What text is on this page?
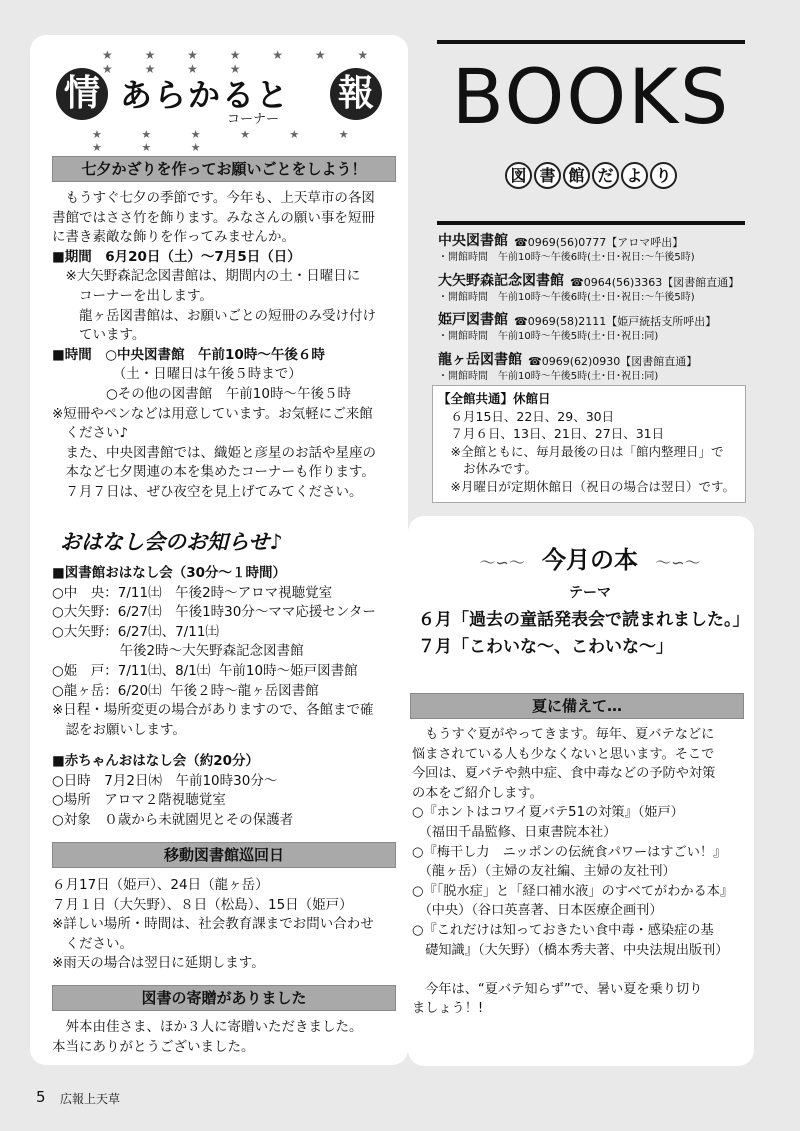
★ ★ ★ ★ ★ ★ ★ ★ ★ ★ ★
情 あらかると
コーナー
報
★ ★ ★ ★ ★ ★ ★ ★ ★
七夕かざりを作ってお願いごとをしよう！
　もうすぐ七夕の季節です。今年も、上天草市の各図
書館ではささ竹を飾ります。みなさんの願い事を短冊
に書き素敵な飾りを作ってみませんか。
■期間　6月20日（土）～7月5日（日）
　※大矢野森記念図書館は、期間内の土・日曜日に
　　コーナーを出します。
　　龍ヶ岳図書館は、お願いごとの短冊のみ受け付け
　　ています。
■時間　○中央図書館　午前10時～午後６時
　　　　　（土・日曜日は午後５時まで）
　　　　○その他の図書館　午前10時～午後５時
※短冊やペンなどは用意しています。お気軽にご来館
　ください♪
　また、中央図書館では、織姫と彦星のお話や星座の
　本など七夕関連の本を集めたコーナーも作ります。
　７月７日は、ぜひ夜空を見上げてみてください。
おはなし会のお知らせ♪
■図書館おはなし会（30分～１時間）
○中　央：7/11㈯　午後2時～アロマ視聴覚室
○大矢野：6/27㈯　午後1時30分～ママ応援センター
○大矢野：6/27㈯、7/11㈯
　　　　　午後2時～大矢野森記念図書館
○姫　戸：7/11㈯、8/1㈯  午前10時～姫戸図書館
○龍ヶ岳：6/20㈯  午後２時～龍ヶ岳図書館
※日程・場所変更の場合がありますので、各館まで確
　認をお願いします。
■赤ちゃんおはなし会（約20分）
○日時　7月2日㈭　午前10時30分～
○場所　アロマ２階視聴覚室
○対象　０歳から未就園児とその保護者
移動図書館巡回日
６月17日（姫戸）、24日（龍ヶ岳）
７月１日（大矢野）、８日（松島）、15日（姫戸）
※詳しい場所・時間は、社会教育課までお問い合わせ
　ください。
※雨天の場合は翌日に延期します。
図書の寄贈がありました
　舛本由佳さま、ほか３人に寄贈いただきました。
本当にありがとうございました。
BOOKS
図 書 館 だ よ り
中央図書館 ☎0969(56)0777【アロマ呼出】
・開館時間　午前10時～午後6時(土･日･祝日:～午後5時)
大矢野森記念図書館 ☎0964(56)3363【図書館直通】
・開館時間　午前10時～午後6時(土･日･祝日:～午後5時)
姫戸図書館 ☎0969(58)2111【姫戸統括支所呼出】
・開館時間　午前10時～午後5時(土･日･祝日:同)
龍ヶ岳図書館 ☎0969(62)0930【図書館直通】
・開館時間　午前10時～午後5時(土･日･祝日:同)
【全館共通】休館日
　６月15日、22日、29、30日
　７月６日、13日、21日、27日、31日
　※全館ともに、毎月最後の日は「館内整理日」で
　　お休みです。
　※月曜日が定期休館日（祝日の場合は翌日）です。
〜∽〜 今月の本 〜∽〜
テーマ
６月「過去の童話発表会で読まれました。」
７月「こわいな～、こわいな～」
夏に備えて…
　もうすぐ夏がやってきます。毎年、夏バテなどに
悩まされている人も少なくないと思います。そこで
今回は、夏バテや熱中症、食中毒などの予防や対策
の本をご紹介します。
○『ホントはコワイ夏バテ51の対策』（姫戸）
　（福田千晶監修、日東書院本社）
○『梅干し力　ニッポンの伝統食パワーはすごい！』
　（龍ヶ岳）（主婦の友社編、主婦の友社刊）
○『「脱水症」と「経口補水液」のすべてがわかる本』
　（中央）（谷口英喜著、日本医療企画刊）
○『これだけは知っておきたい食中毒・感染症の基
　礎知識』（大矢野）（橋本秀夫著、中央法規出版刊）
　今年は、“夏バテ知らず”で、暑い夏を乗り切り
ましょう！!
5 広報上天草
